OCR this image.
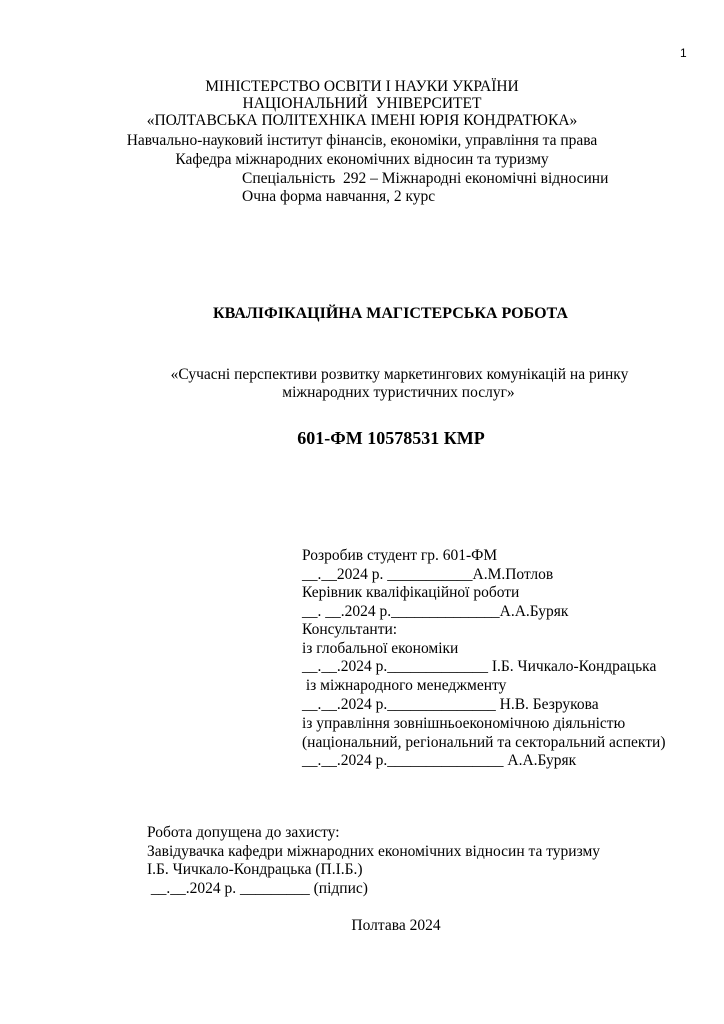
1
МІНІСТЕРСТВО ОСВІТИ І НАУКИ УКРАЇНИ
НАЦІОНАЛЬНИЙ  УНІВЕРСИТЕТ
«ПОЛТАВСЬКА ПОЛІТЕХНІКА ІМЕНІ ЮРІЯ КОНДРАТЮКА»
Навчально-науковий інститут фінансів, економіки, управління та права
Кафедра міжнародних економічних відносин та туризму
Спеціальність  292 – Міжнародні економічні відносини
Очна форма навчання, 2 курс
КВАЛІФІКАЦІЙНА МАГІСТЕРСЬКА РОБОТА
«Сучасні перспективи розвитку маркетингових комунікацій на ринку
міжнародних туристичних послуг»
601-ФМ 10578531 КМР
Розробив студент гр. 601-ФМ
__.__2024 р. ___________А.М.Потлов
Керівник кваліфікаційної роботи
__. __.2024 р.______________А.А.Буряк
Консультанти:
із глобальної економіки
__.__.2024 р._____________ І.Б. Чичкало-Кондрацька
із міжнародного менеджменту
__.__.2024 р.______________ Н.В. Безрукова
із управління зовнішньоекономічною діяльністю
(національний, регіональний та секторальний аспекти)
__.__.2024 р._______________ А.А.Буряк
Робота допущена до захисту:
Завідувачка кафедри міжнародних економічних відносин та туризму
І.Б. Чичкало-Кондрацька (П.І.Б.)
__.__.2024 р. _________ (підпис)
Полтава 2024
